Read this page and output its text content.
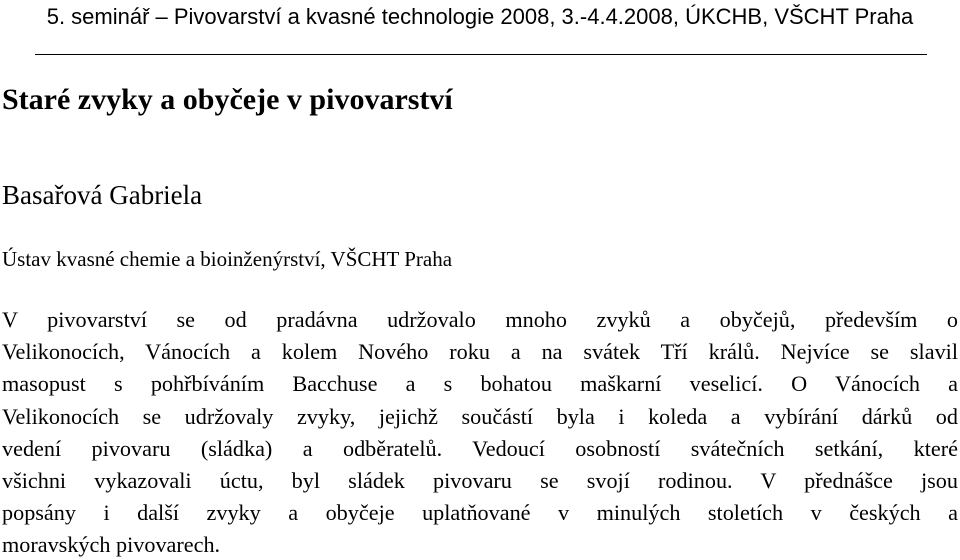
5. seminář – Pivovarství a kvasné technologie 2008, 3.-4.4.2008, ÚKCHB, VŠCHT Praha
Staré zvyky a obyčeje v pivovarství
Basařová Gabriela
Ústav kvasné chemie a bioinženýrství, VŠCHT Praha
V pivovarství se od pradávna udržovalo mnoho zvyků a obyčejů, především o
Velikonocích, Vánocích a kolem Nového roku a na svátek Tří králů. Nejvíce se slavil
masopust s pohřbíváním Bacchuse a s bohatou maškarní veselicí. O Vánocích a
Velikonocích se udržovaly zvyky, jejichž součástí byla i koleda a vybírání dárků od
vedení pivovaru (sládka) a odběratelů. Vedoucí osobností svátečních setkání, které
všichni vykazovali úctu, byl sládek pivovaru se svojí rodinou. V přednášce jsou
popsány i další zvyky a obyčeje uplatňované v minulých stoletích v českých a
moravských pivovarech.
